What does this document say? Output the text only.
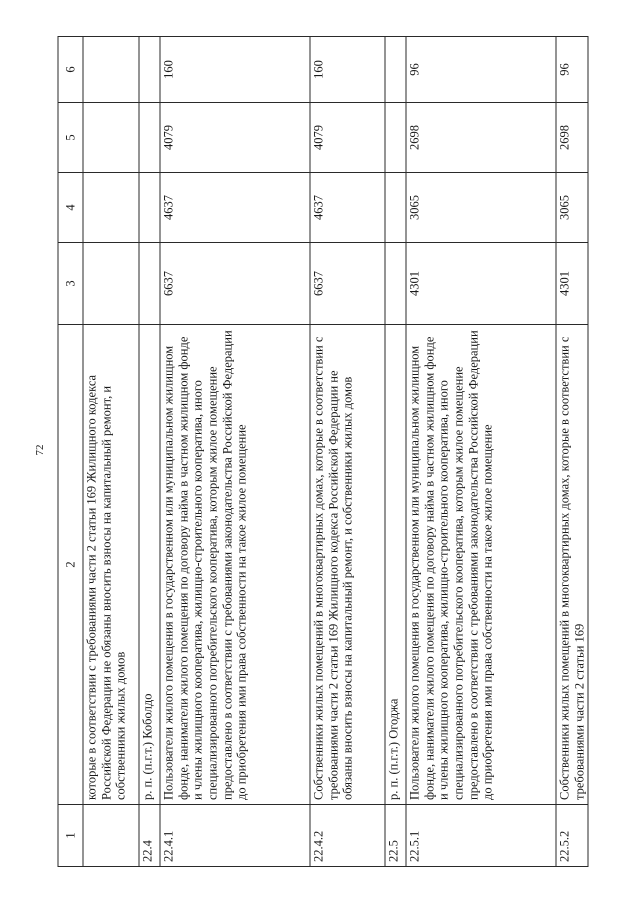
72
1	2	3	4	5	6
	которые в соответствии с требованиями части 2 статьи 169 Жилищного кодекса Российской Федерации не обязаны вносить взносы на капитальный ремонт, и собственники жилых домов				
22.4	р. п. (п.г.т.) Коболдо				
22.4.1	Пользователи жилого помещения в государственном или муниципальном жилищном фонде, наниматели жилого помещения по договору найма в частном жилищном фонде и члены жилищного кооператива, жилищно-строительного кооператива, иного специализированного потребительского кооператива, которым жилое помещение предоставлено в соответствии с требованиями законодательства Российской Федерации до приобретения ими права собственности на такое жилое помещение	6637	4637	4079	160
22.4.2	Собственники жилых помещений в многоквартирных домах, которые в соответствии с требованиями части 2 статьи 169 Жилищного кодекса Российской Федерации не обязаны вносить взносы на капитальный ремонт, и собственники жилых домов	6637	4637	4079	160
22.5	р. п. (п.г.т.) Огоджа				
22.5.1	Пользователи жилого помещения в государственном или муниципальном жилищном фонде, наниматели жилого помещения по договору найма в частном жилищном фонде и члены жилищного кооператива, жилищно-строительного кооператива, иного специализированного потребительского кооператива, которым жилое помещение предоставлено в соответствии с требованиями законодательства Российской Федерации до приобретения ими права собственности на такое жилое помещение	4301	3065	2698	96
22.5.2	Собственники жилых помещений в многоквартирных домах, которые в соответствии с требованиями части 2 статьи 169	4301	3065	2698	96
